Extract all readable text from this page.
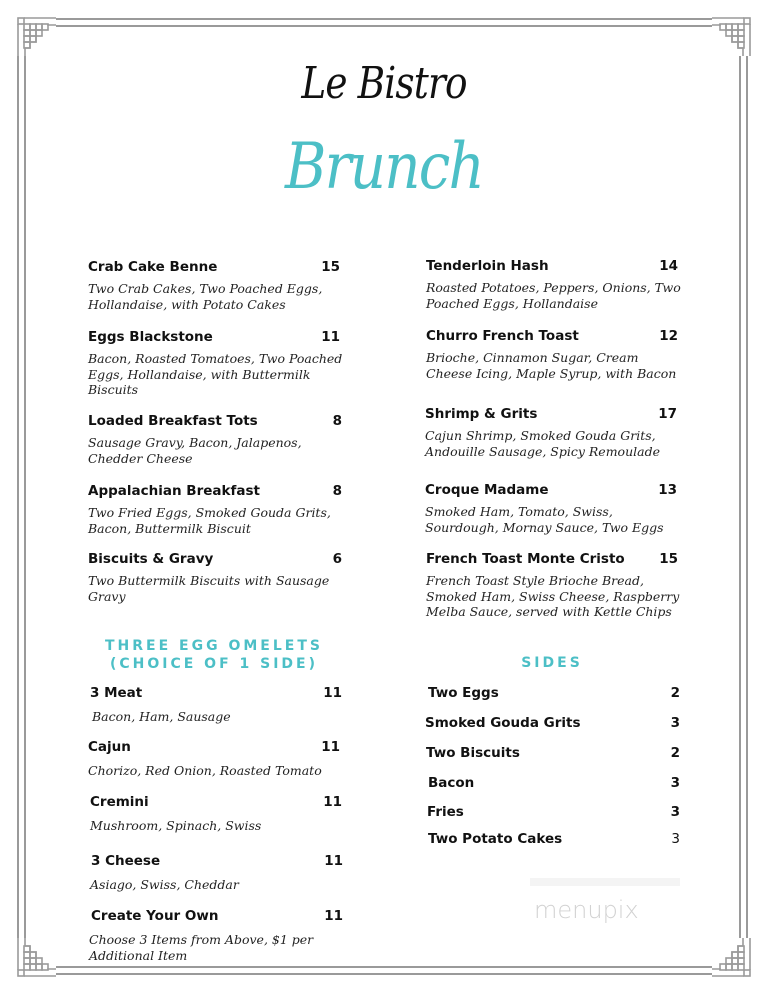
Le Bistro
Brunch
Crab Cake Benne	15
Two Crab Cakes, Two Poached Eggs,
Hollandaise, with Potato Cakes
Eggs Blackstone	11
Bacon, Roasted Tomatoes, Two Poached
Eggs, Hollandaise, with Buttermilk
Biscuits
Loaded Breakfast Tots	8
Sausage Gravy, Bacon, Jalapenos,
Chedder Cheese
Appalachian Breakfast	8
Two Fried Eggs, Smoked Gouda Grits,
Bacon, Buttermilk Biscuit
Biscuits & Gravy	6
Two Buttermilk Biscuits with Sausage
Gravy
THREE EGG OMELETS
(CHOICE OF 1 SIDE)
3 Meat	11
Bacon, Ham, Sausage
Cajun	11
Chorizo, Red Onion, Roasted Tomato
Cremini	11
Mushroom, Spinach, Swiss
3 Cheese	11
Asiago, Swiss, Cheddar
Create Your Own	11
Choose 3 Items from Above, $1 per
Additional Item
Tenderloin Hash	14
Roasted Potatoes, Peppers, Onions, Two
Poached Eggs, Hollandaise
Churro French Toast	12
Brioche, Cinnamon Sugar, Cream
Cheese Icing, Maple Syrup, with Bacon
Shrimp & Grits	17
Cajun Shrimp, Smoked Gouda Grits,
Andouille Sausage, Spicy Remoulade
Croque Madame	13
Smoked Ham, Tomato, Swiss,
Sourdough, Mornay Sauce, Two Eggs
French Toast Monte Cristo	15
French Toast Style Brioche Bread,
Smoked Ham, Swiss Cheese, Raspberry
Melba Sauce, served with Kettle Chips
SIDES
Two Eggs	2
Smoked Gouda Grits	3
Two Biscuits	2
Bacon	3
Fries	3
Two Potato Cakes	3
menupix
